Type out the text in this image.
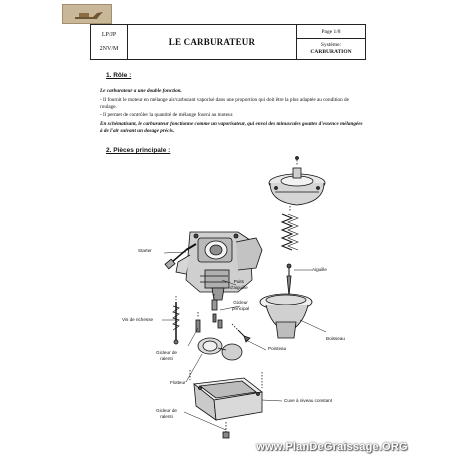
LP/JP
2NV/M
	LE CARBURATEUR	
Page 1/8
Système:
CARBURATION
1. Rôle :
Le carburateur a une double fonction.
- Il fournit le moteur en mélange air/carburant vaporisé dans une proportion qui doit être la plus adaptée au condition de roulage.
- Il permet de contrôler la quantité de mélange fourni au moteur.
En schématisant, le carburateur fonctionne comme un vaporisateur, qui envoi des minuscules gouttes d'essence mélangées à de l'air suivant un dosage précis.
2. Pièces principale :
Starter
Aiguille
Puits
d'aiguille
Gicleur
principal
Vis de richesse
Boisseau
Pointeau
Gicleur de
ralenti
Flotteur
Cuve à niveau constant
Gicleur de
ralenti
www.PlanDeGraissage.ORG
